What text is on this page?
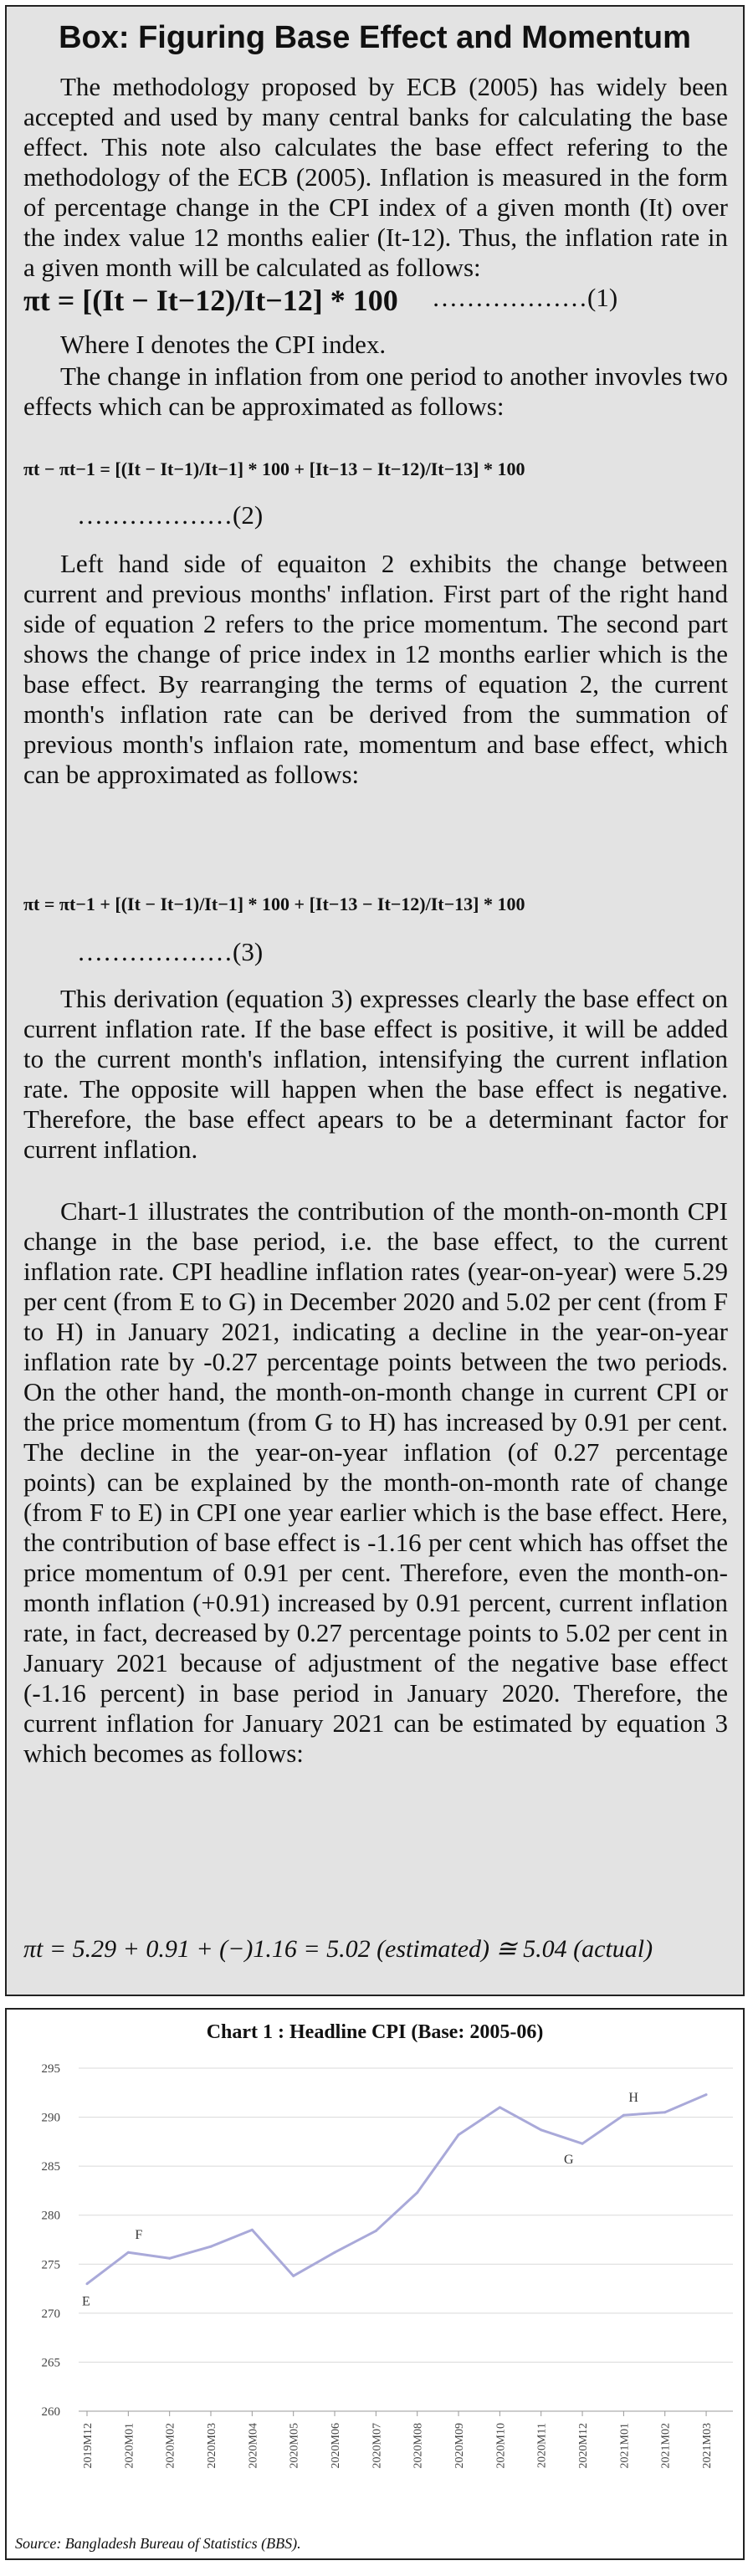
Box: Figuring Base Effect and Momentum

The methodology proposed by ECB (2005) has widely been accepted and used by many central banks for calculating the base effect. This note also calculates the base effect refering to the methodology of the ECB (2005). Inflation is measured in the form of percentage change in the CPI index of a given month (It) over the index value 12 months ealier (It-12). Thus, the inflation rate in a given month will be calculated as follows:

πt = [(It − It−12)/It−12] * 100 ………………(1)

Where I denotes the CPI index.

The change in inflation from one period to another invovles two effects which can be approximated as follows:

πt − πt−1 = [(It − It−1)/It−1] * 100 + [It−13 − It−12)/It−13] * 100
………………(2)

Left hand side of equaiton 2 exhibits the change between current and previous months' inflation. First part of the right hand side of equation 2 refers to the price momentum. The second part shows the change of price index in 12 months earlier which is the base effect. By rearranging the terms of equation 2, the current month's inflation rate can be derived from the summation of previous month's inflaion rate, momentum and base effect, which can be approximated as follows:

πt = πt−1 + [(It − It−1)/It−1] * 100 + [It−13 − It−12)/It−13] * 100
………………(3)

This derivation (equation 3) expresses clearly the base effect on current inflation rate. If the base effect is positive, it will be added to the current month's inflation, intensifying the current inflation rate. The opposite will happen when the base effect is negative. Therefore, the base effect apears to be a determinant factor for current inflation.

Chart-1 illustrates the contribution of the month-on-month CPI change in the base period, i.e. the base effect, to the current inflation rate. CPI headline inflation rates (year-on-year) were 5.29 per cent (from E to G) in December 2020 and 5.02 per cent (from F to H) in January 2021, indicating a decline in the year-on-year inflation rate by -0.27 percentage points between the two periods. On the other hand, the month-on-month change in current CPI or the price momentum (from G to H) has increased by 0.91 per cent. The decline in the year-on-year inflation (of 0.27 percentage points) can be explained by the month-on-month rate of change (from F to E) in CPI one year earlier which is the base effect. Here, the contribution of base effect is -1.16 per cent which has offset the price momentum of 0.91 per cent. Therefore, even the month-on-month inflation (+0.91) increased by 0.91 percent, current inflation rate, in fact, decreased by 0.27 percentage points to 5.02 per cent in January 2021 because of adjustment of the negative base effect (-1.16 percent) in base period in January 2020. Therefore, the current inflation for January 2021 can be estimated by equation 3 which becomes as follows:

πt = 5.29 + 0.91 + (−)1.16 = 5.02 (estimated) ≅ 5.04 (actual)
Chart 1 : Headline CPI (Base: 2005-06)
260
265
270
275
280
285
290
295
2019M12 2020M01 2020M02 2020M03 2020M04 2020M05 2020M06 2020M07 2020M08 2020M09 2020M10 2020M11 2020M12 2021M01 2021M02 2021M03
E
F
G
H
Source: Bangladesh Bureau of Statistics (BBS).
